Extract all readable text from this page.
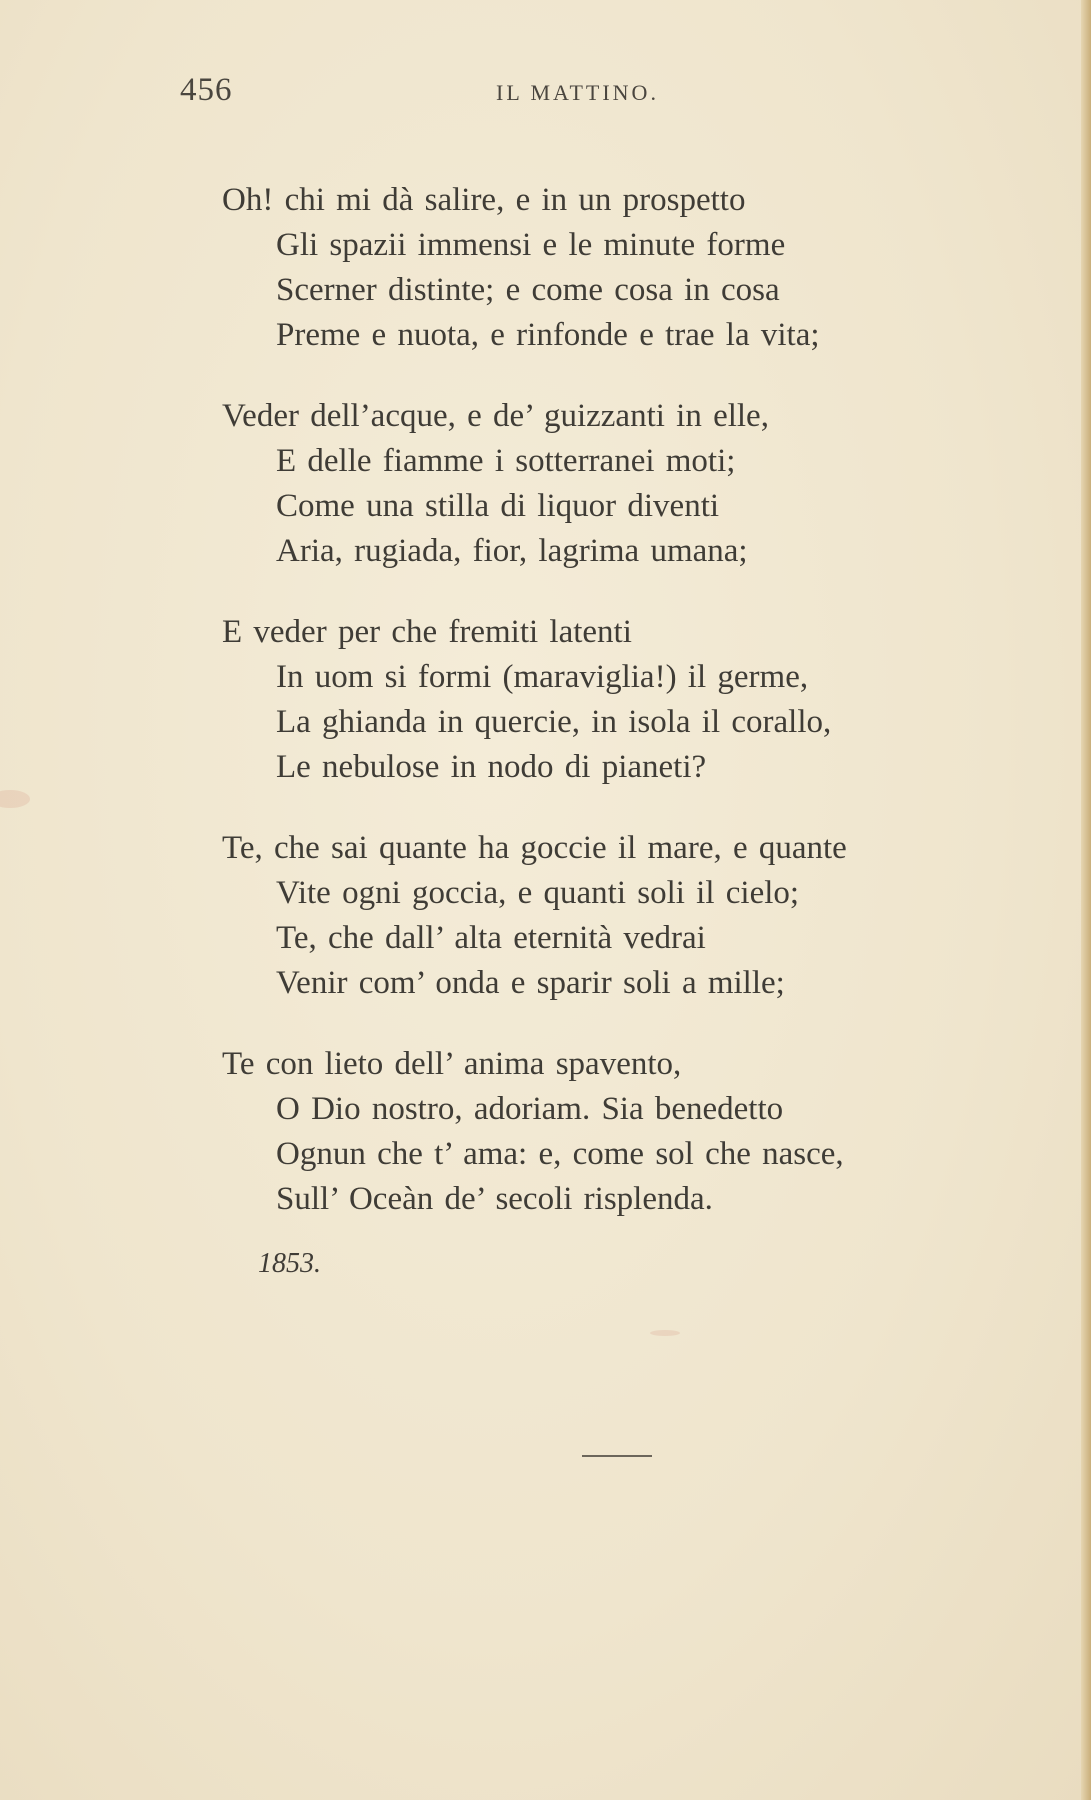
456	IL MATTINO.
Oh! chi mi dà salire, e in un prospetto
Gli spazii immensi e le minute forme
Scerner distinte; e come cosa in cosa
Preme e nuota, e rinfonde e trae la vita;
Veder dell’acque, e de’ guizzanti in elle,
E delle fiamme i sotterranei moti;
Come una stilla di liquor diventi
Aria, rugiada, fior, lagrima umana;
E veder per che fremiti latenti
In uom si formi (maraviglia!) il germe,
La ghianda in quercie, in isola il corallo,
Le nebulose in nodo di pianeti?
Te, che sai quante ha goccie il mare, e quante
Vite ogni goccia, e quanti soli il cielo;
Te, che dall’ alta eternità vedrai
Venir com’ onda e sparir soli a mille;
Te con lieto dell’ anima spavento,
O Dio nostro, adoriam. Sia benedetto
Ognun che t’ ama: e, come sol che nasce,
Sull’ Oceàn de’ secoli risplenda.
1853.
